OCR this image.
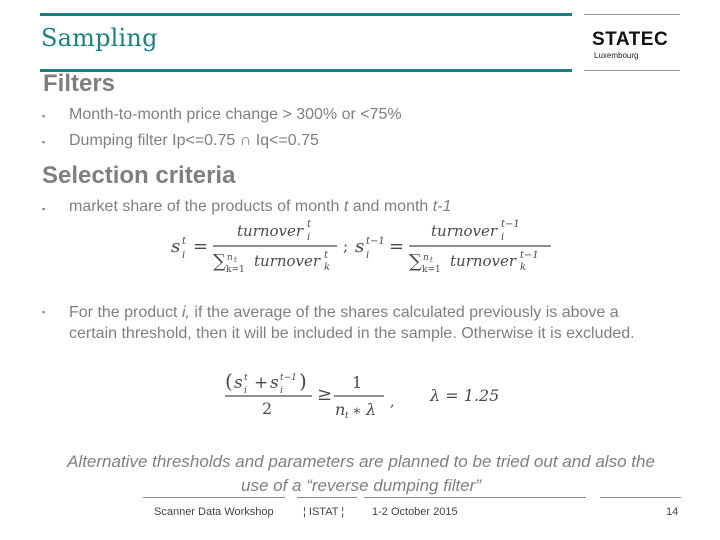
Sampling	STATEC
Luxembourg
Filters
▪ Month-to-month price change > 300% or <75%
▪ Dumping filter Ip<=0.75 ∩ Iq<=0.75
Selection criteria
▪ market share of the products of month t and month t-1
s t
i =
turnover t
i
∑ n t
k=1 turnover t
k
; s t−1
i =
turnover t−1
i
∑ n t
k=1 turnover t−1
k
▪ For the product i, if the average of the shares calculated previously is above a
certain threshold, then it will be included in the sample. Otherwise it is excluded.
( s t
i + s t−1
i )
2
≥
1
n t ∗ λ , λ = 1.25
Alternative thresholds and parameters are planned to be tried out and also the
use of a “reverse dumping filter”
Scanner Data Workshop	¦ ISTAT ¦	1-2 October 2015	14
